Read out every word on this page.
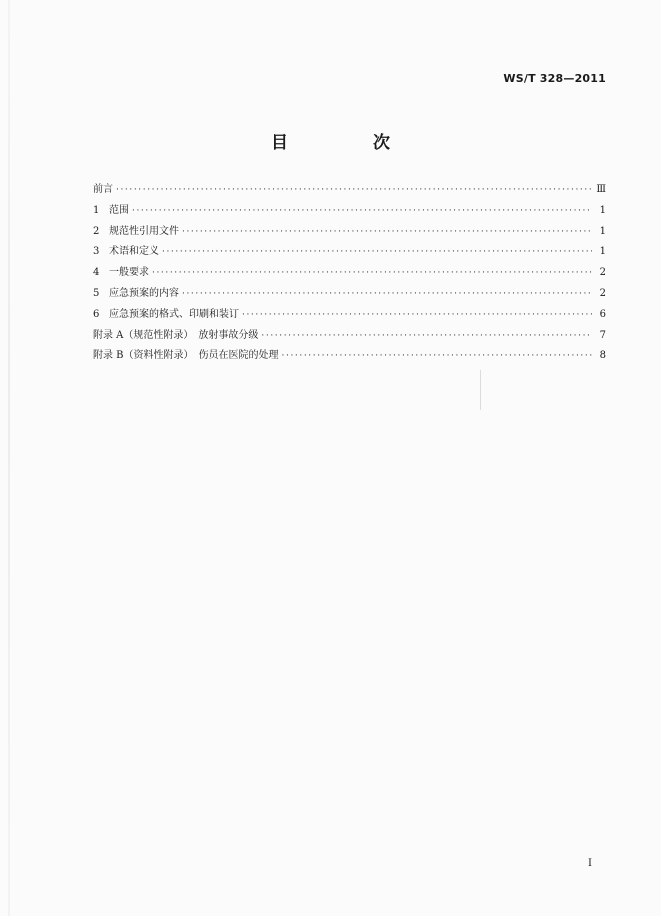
WS/T 328—2011
目　次
前言 ·····	Ⅲ
1 范围 ·····	1
2 规范性引用文件 ·····	1
3 术语和定义 ·····	1
4 一般要求 ·····	2
5 应急预案的内容 ·····	2
6 应急预案的格式、印刷和装订 ·····	6
附录 A（规范性附录）　放射事故分级 ·····	7
附录 B（资料性附录）　伤员在医院的处理 ·····	8
I
